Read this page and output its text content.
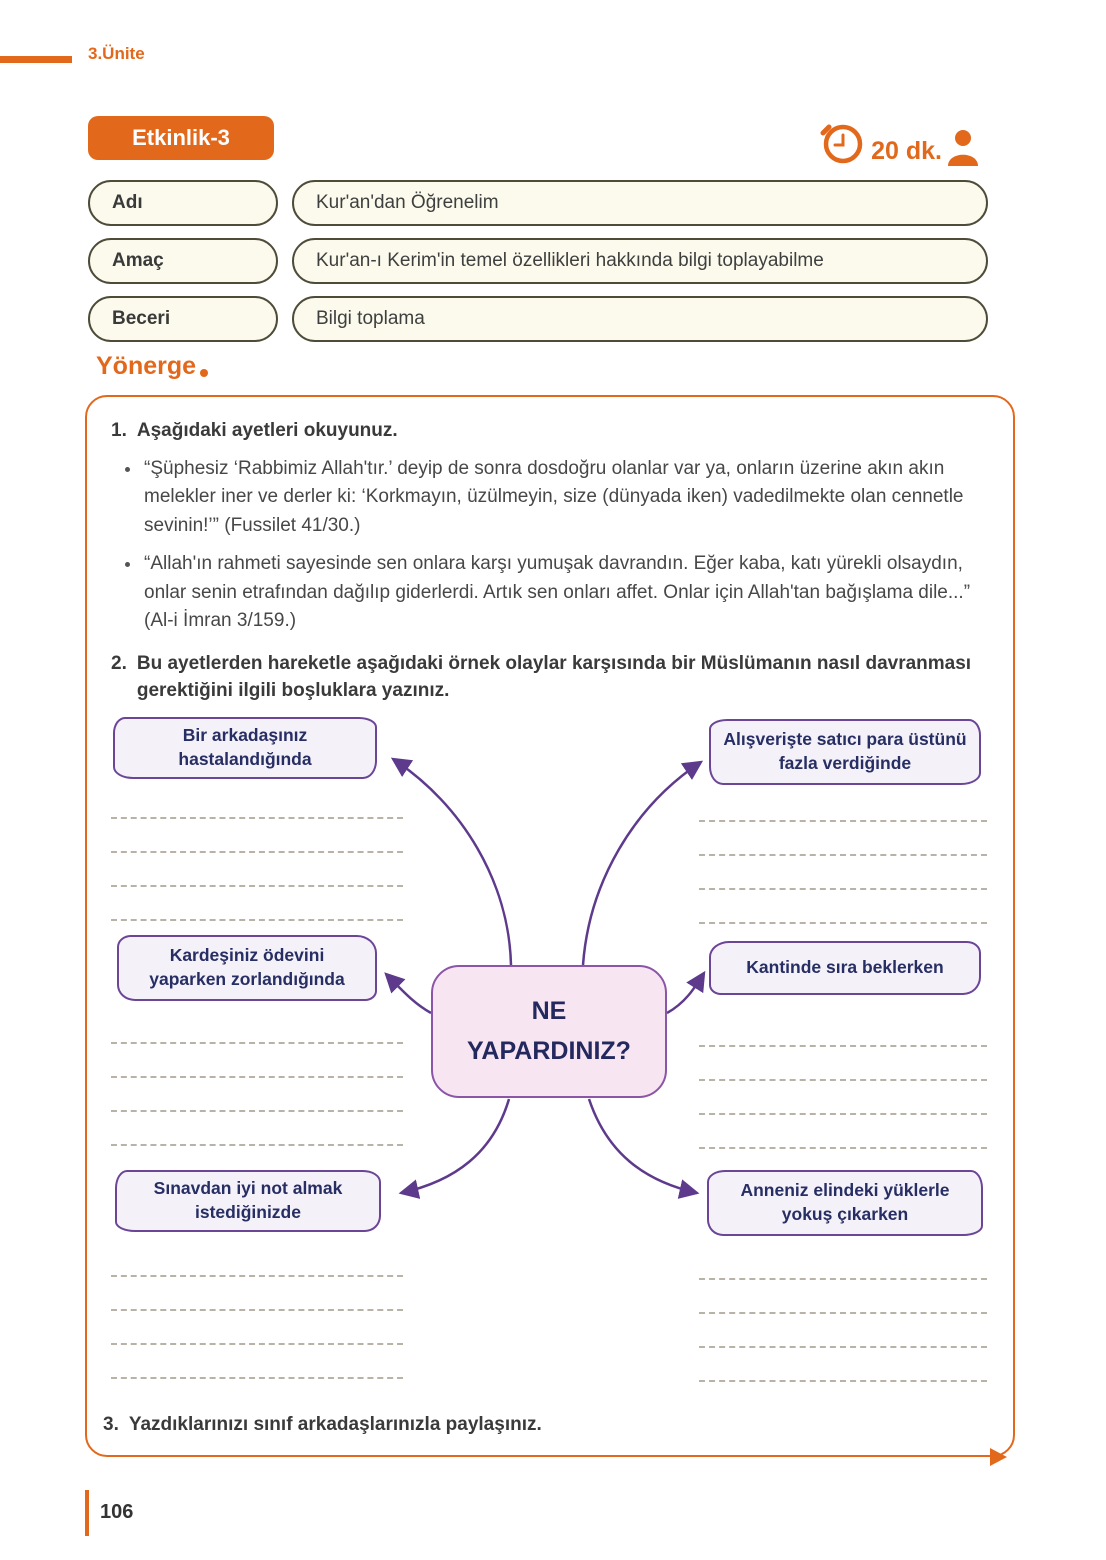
3.Ünite
Etkinlik-3	20 dk.
Adı	Kur'an'dan Öğrenelim
Amaç	Kur'an-ı Kerim'in temel özellikleri hakkında bilgi toplayabilme
Beceri	Bilgi toplama
Yönerge
1. Aşağıdaki ayetleri okuyunuz.
“Şüphesiz ‘Rabbimiz Allah'tır.’ deyip de sonra dosdoğru olanlar var ya, onların üzerine akın akın melekler iner ve derler ki: ‘Korkmayın, üzülmeyin, size (dünyada iken) vadedilmekte olan cennetle sevinin!’” (Fussilet 41/30.)
“Allah'ın rahmeti sayesinde sen onlara karşı yumuşak davrandın. Eğer kaba, katı yürekli olsaydın, onlar senin etrafından dağılıp giderlerdi. Artık sen onları affet. Onlar için Allah'tan bağışlama dile...” (Al-i İmran 3/159.)
2. Bu ayetlerden hareketle aşağıdaki örnek olaylar karşısında bir Müslümanın nasıl davranması gerektiğini ilgili boşluklara yazınız.
Bir arkadaşınız hastalandığında
Alışverişte satıcı para üstünü fazla verdiğinde
Kardeşiniz ödevini yaparken zorlandığında
Kantinde sıra beklerken
Sınavdan iyi not almak istediğinizde
Anneniz elindeki yüklerle yokuş çıkarken
NE YAPARDINIZ?
3. Yazdıklarınızı sınıf arkadaşlarınızla paylaşınız.
106
